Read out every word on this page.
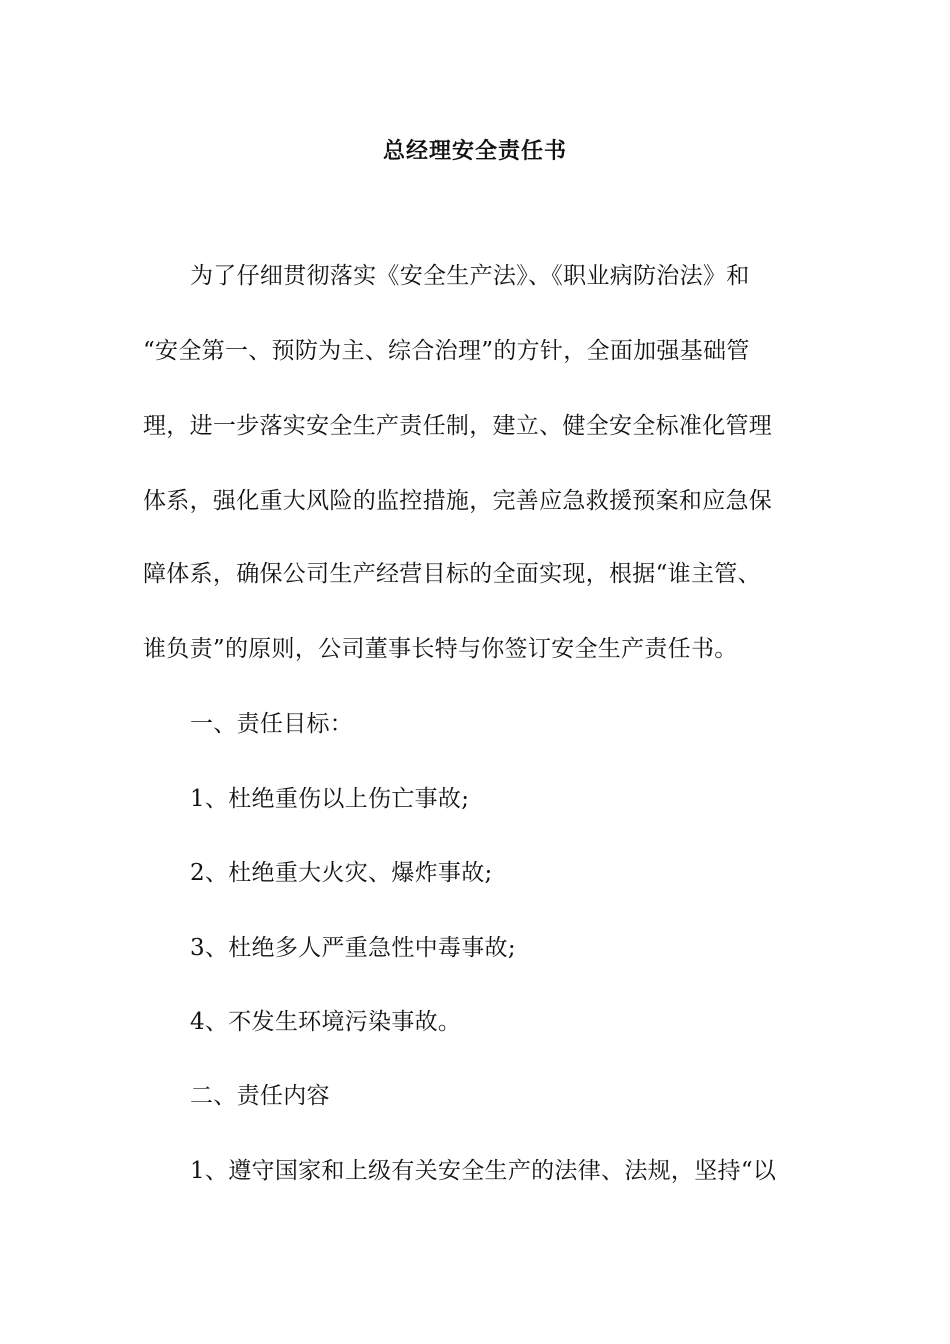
总经理安全责任书
为了仔细贯彻落实《安全生产法》、《职业病防治法》和
“安全第一、预防为主、综合治理”的方针，全面加强基础管
理，进一步落实安全生产责任制，建立、健全安全标准化管理
体系，强化重大风险的监控措施，完善应急救援预案和应急保
障体系，确保公司生产经营目标的全面实现，根据“谁主管、
谁负责”的原则，公司董事长特与你签订安全生产责任书。
一、责任目标：
1、杜绝重伤以上伤亡事故;
2、杜绝重大火灾、爆炸事故;
3、杜绝多人严重急性中毒事故;
4、不发生环境污染事故。
二、责任内容
1、遵守国家和上级有关安全生产的法律、法规，坚持“以
